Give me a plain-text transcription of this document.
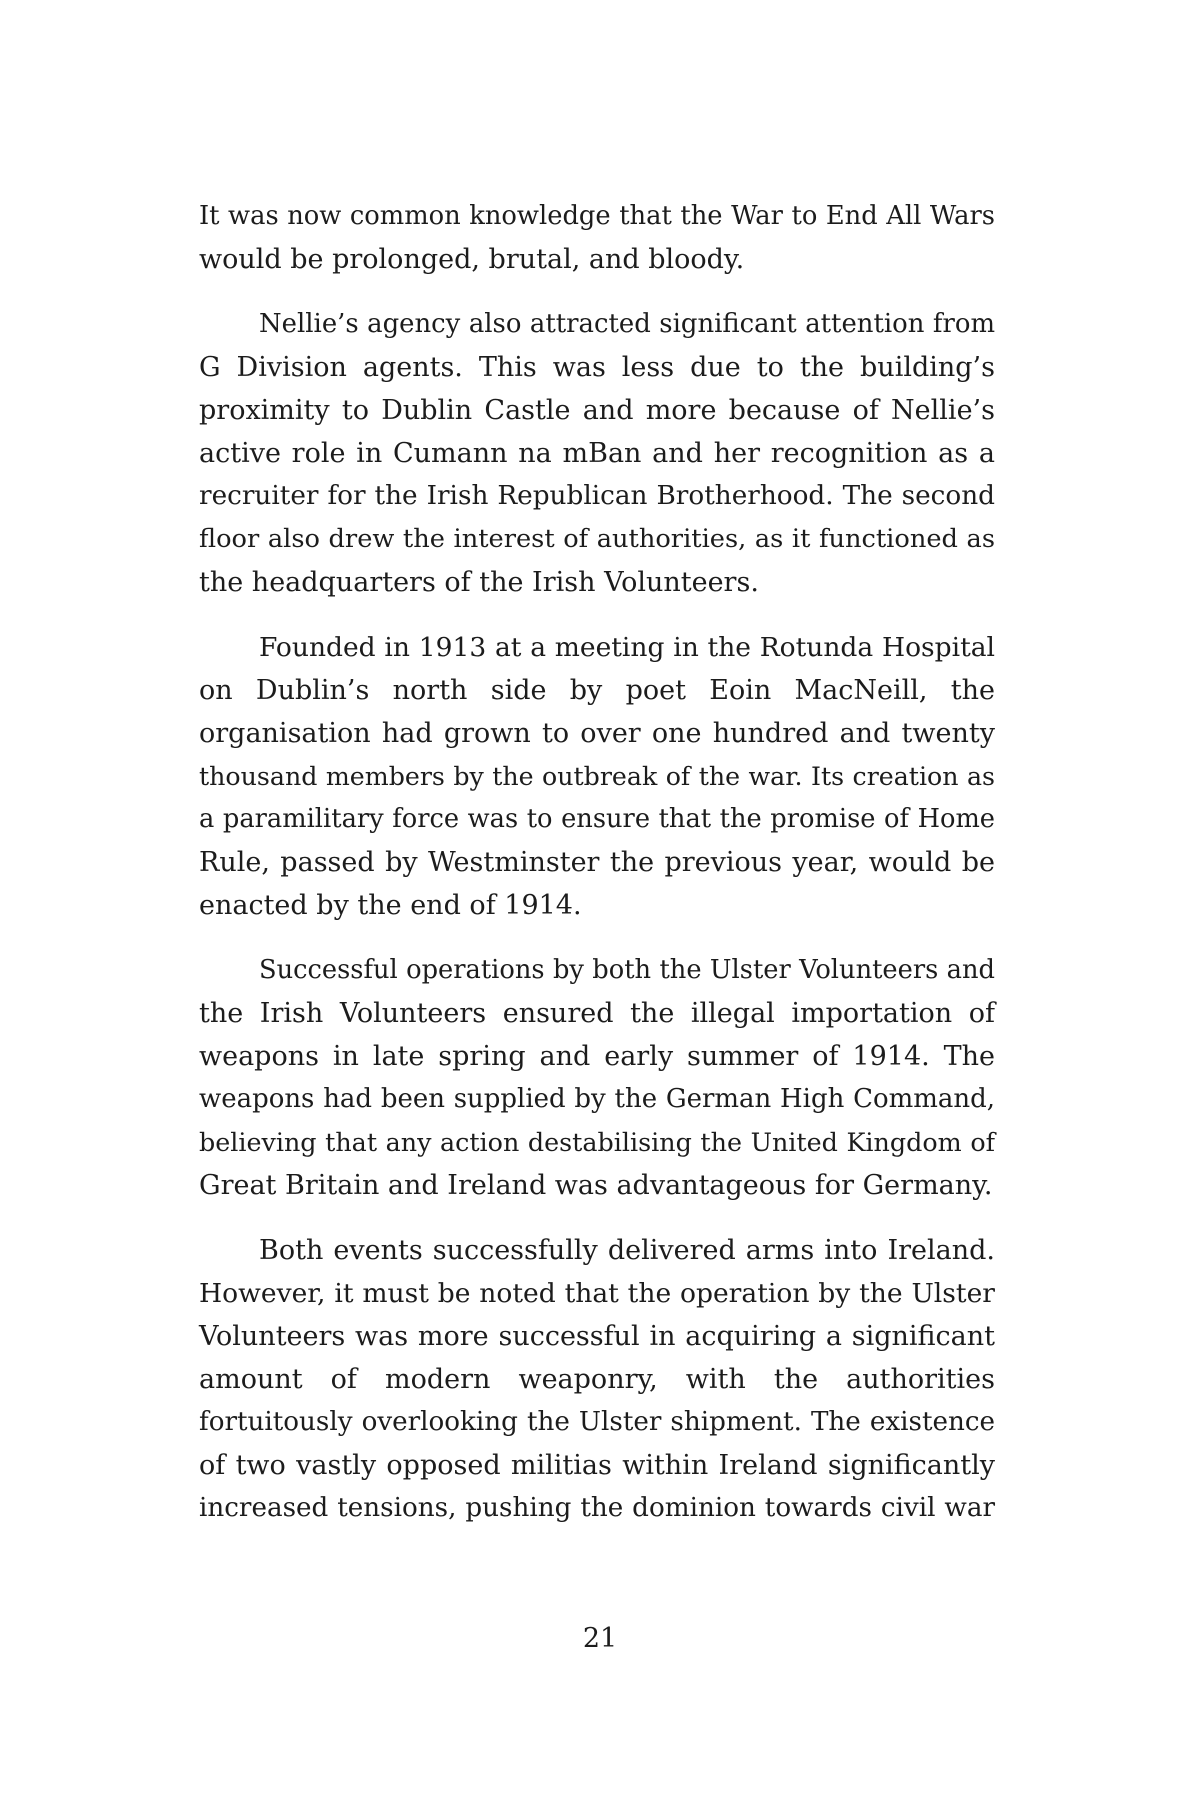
It was now common knowledge that the War to End All Wars
would be prolonged, brutal, and bloody.
Nellie’s agency also attracted significant attention from
G Division agents. This was less due to the building’s
proximity to Dublin Castle and more because of Nellie’s
active role in Cumann na mBan and her recognition as a
recruiter for the Irish Republican Brotherhood. The second
floor also drew the interest of authorities, as it functioned as
the headquarters of the Irish Volunteers.
Founded in 1913 at a meeting in the Rotunda Hospital
on Dublin’s north side by poet Eoin MacNeill, the
organisation had grown to over one hundred and twenty
thousand members by the outbreak of the war. Its creation as
a paramilitary force was to ensure that the promise of Home
Rule, passed by Westminster the previous year, would be
enacted by the end of 1914.
Successful operations by both the Ulster Volunteers and
the Irish Volunteers ensured the illegal importation of
weapons in late spring and early summer of 1914. The
weapons had been supplied by the German High Command,
believing that any action destabilising the United Kingdom of
Great Britain and Ireland was advantageous for Germany.
Both events successfully delivered arms into Ireland.
However, it must be noted that the operation by the Ulster
Volunteers was more successful in acquiring a significant
amount of modern weaponry, with the authorities
fortuitously overlooking the Ulster shipment. The existence
of two vastly opposed militias within Ireland significantly
increased tensions, pushing the dominion towards civil war
21
